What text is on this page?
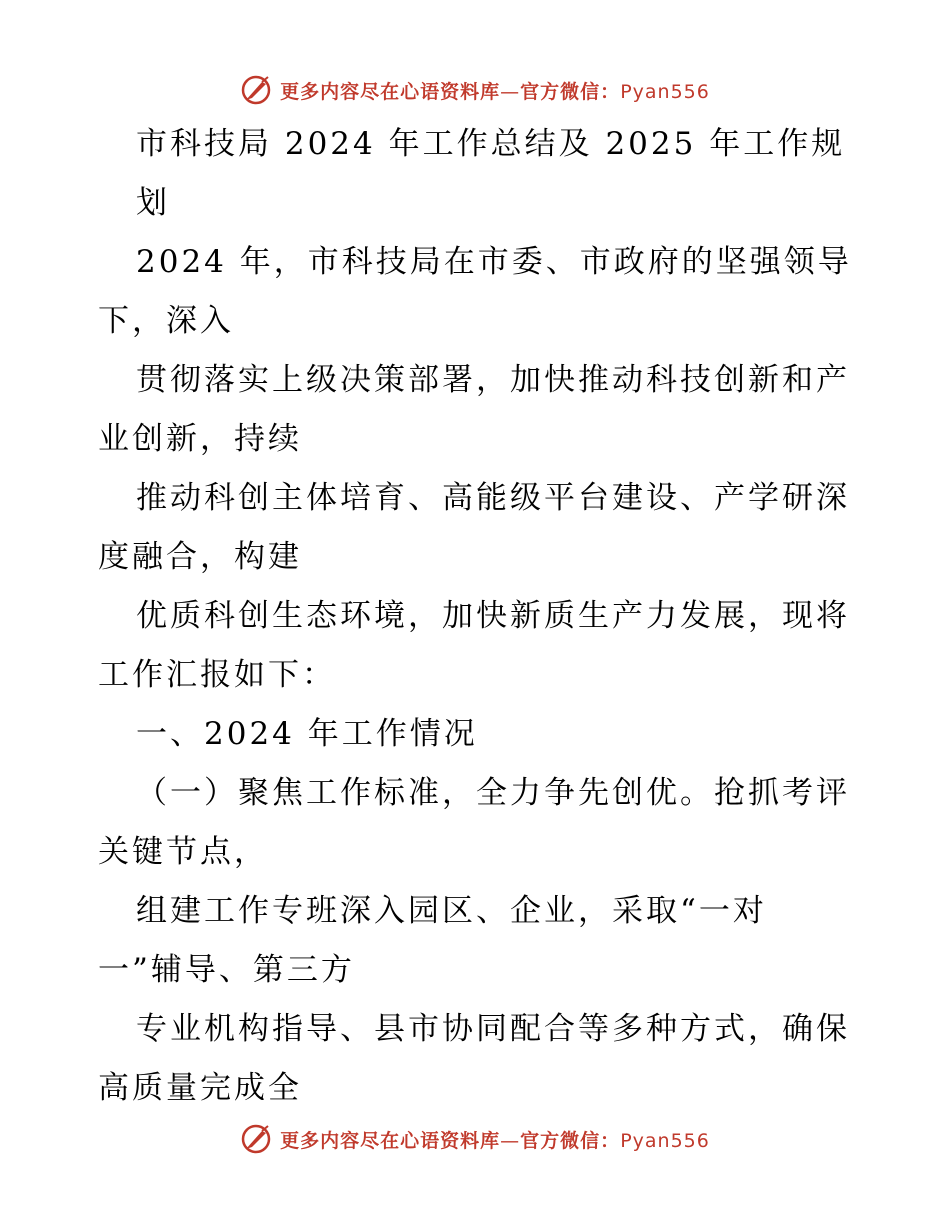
更多内容尽在心语资料库—官方微信：Pyan556
市科技局 2024 年工作总结及 2025 年工作规
划
2024 年，市科技局在市委、市政府的坚强领导
下，深入
贯彻落实上级决策部署，加快推动科技创新和产
业创新，持续
推动科创主体培育、高能级平台建设、产学研深
度融合，构建
优质科创生态环境，加快新质生产力发展，现将
工作汇报如下：
一、2024 年工作情况
（一）聚焦工作标准，全力争先创优。抢抓考评
关键节点，
组建工作专班深入园区、企业，采取“一对
一”辅导、第三方
专业机构指导、县市协同配合等多种方式，确保
高质量完成全
更多内容尽在心语资料库—官方微信：Pyan556
